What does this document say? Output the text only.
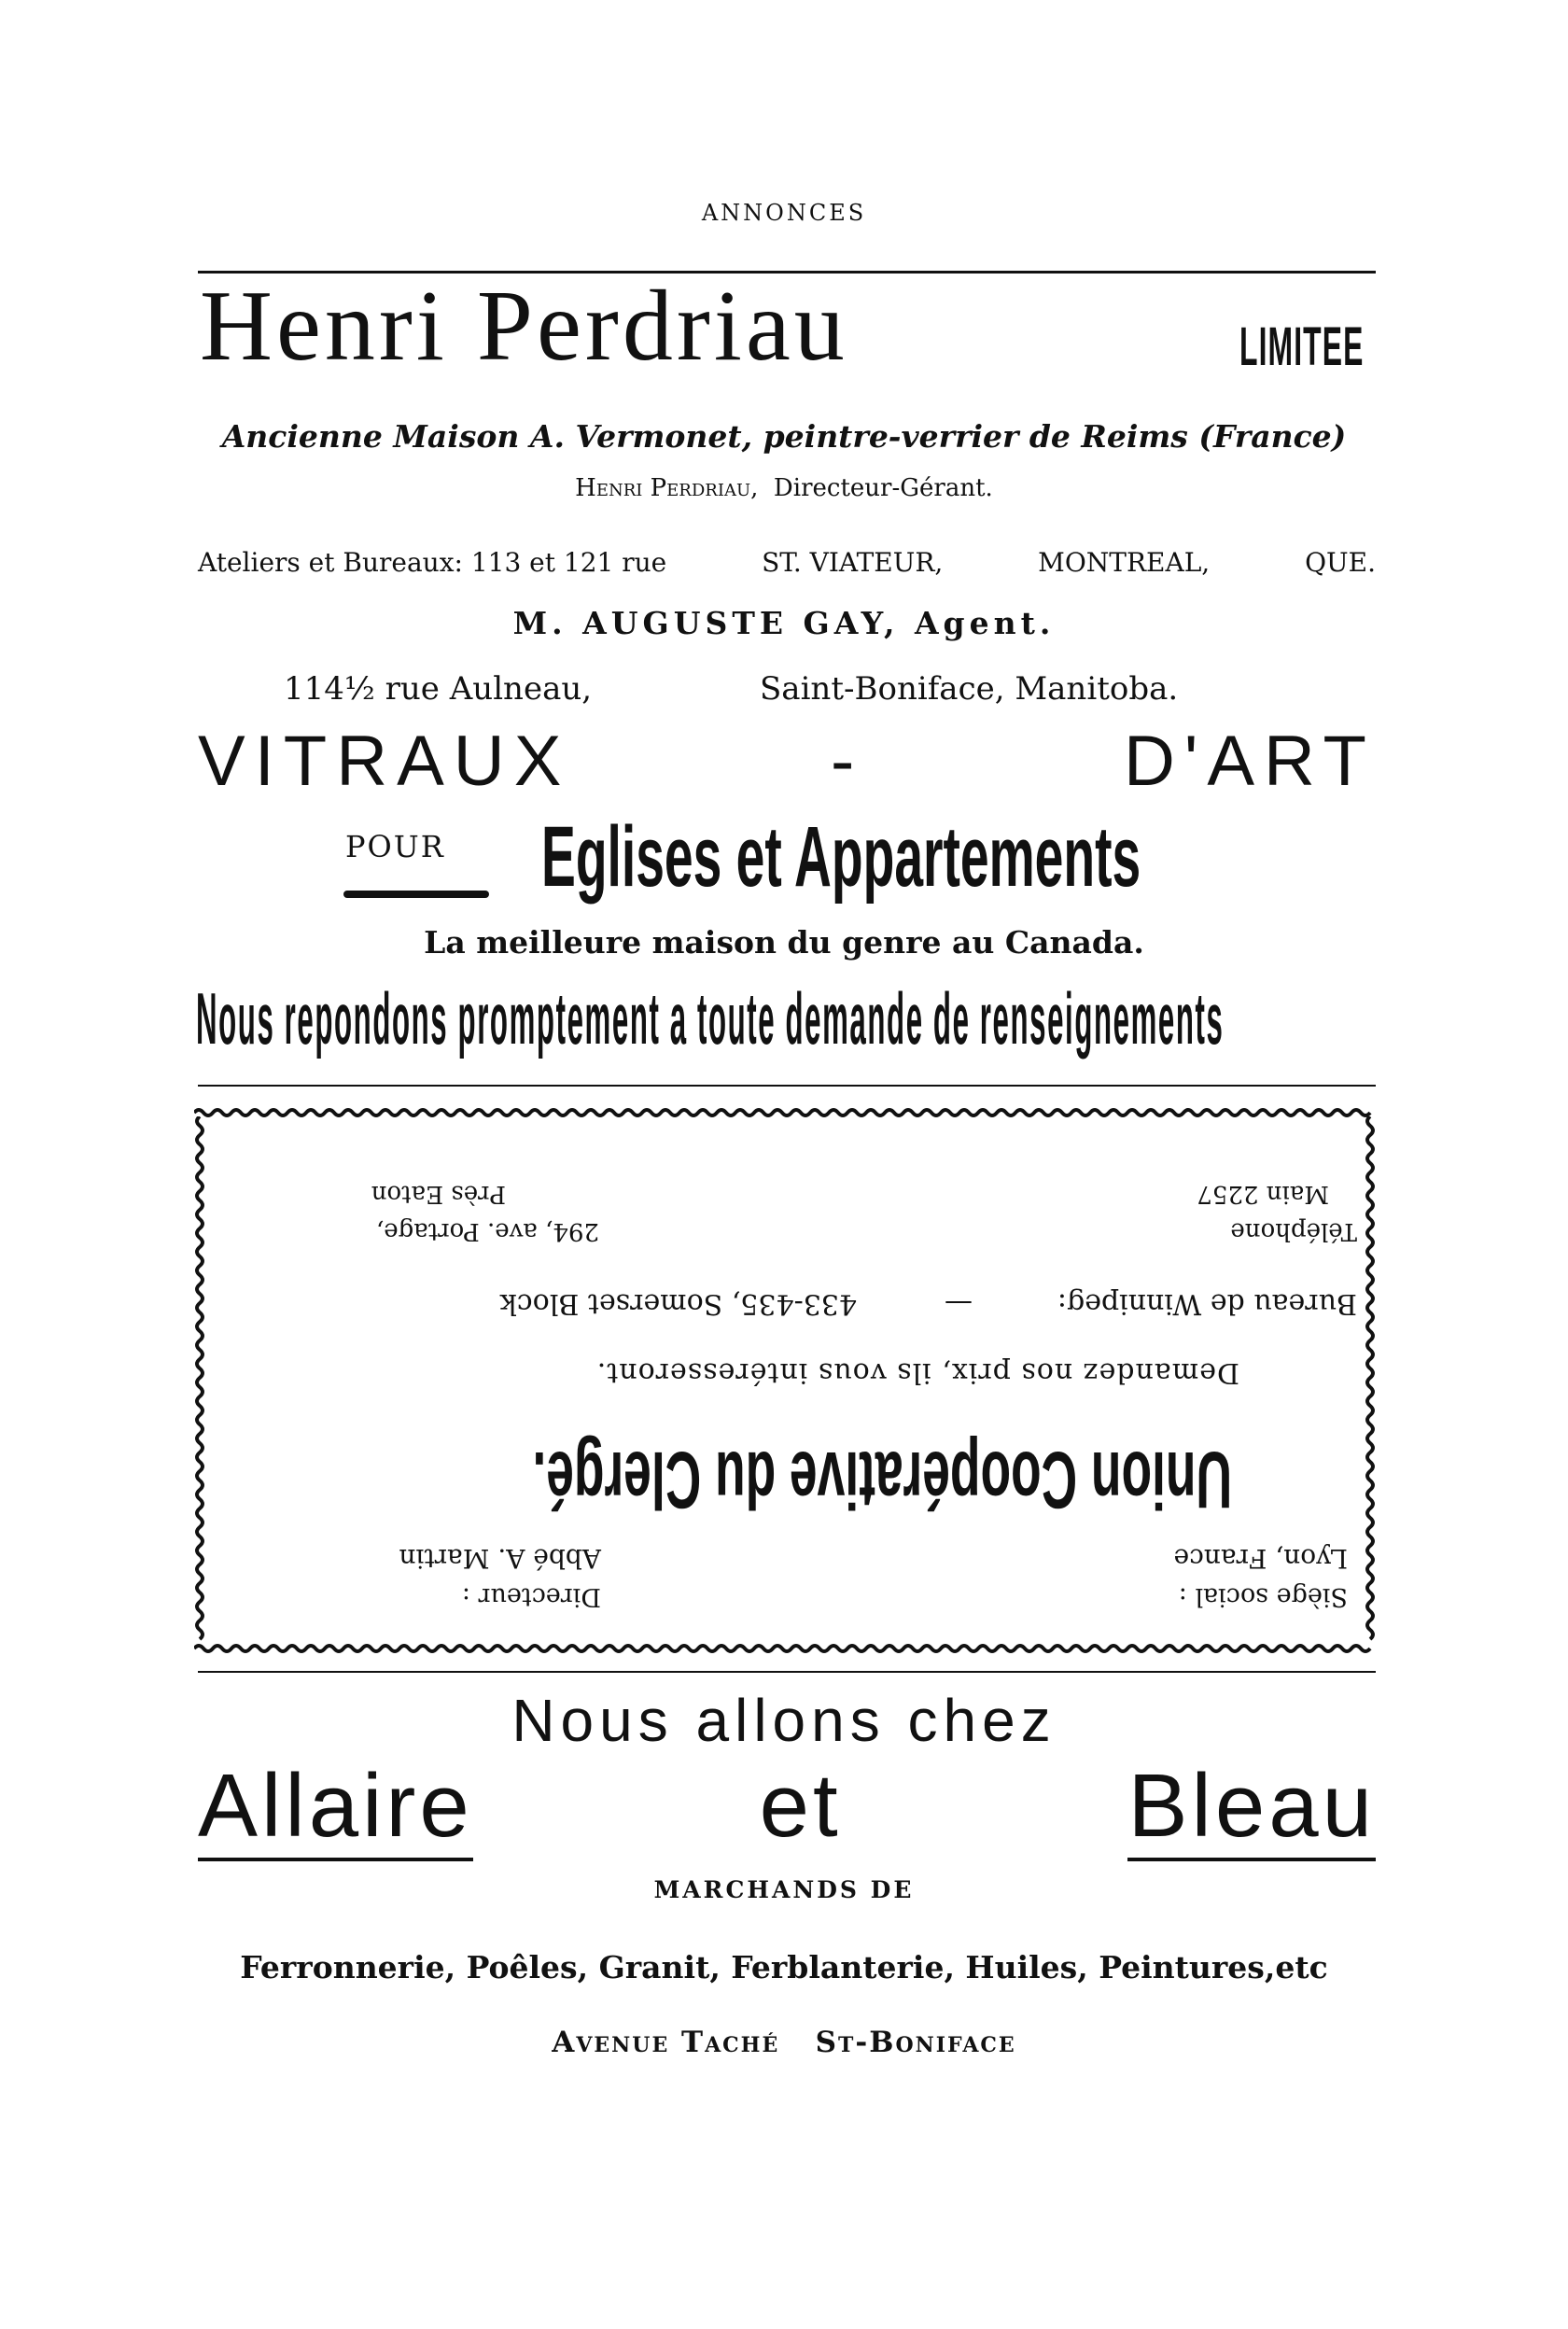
ANNONCES
Henri Perdriau	LIMITEE
Ancienne Maison A. Vermonet, peintre-verrier de Reims (France)
Henri Perdriau, Directeur-Gérant.
Ateliers et Bureaux: 113 et 121 rue	ST. VIATEUR,	MONTREAL,	QUE.
M. AUGUSTE GAY, Agent.
114½ rue Aulneau,	Saint-Boniface, Manitoba.
VITRAUX	-	D'ART
POUR Eglises et Appartements
La meilleure maison du genre au Canada.
Nous repondons promptement a toute demande de renseignements
Siège social :
Lyon, France
Directeur :
Abbé A. Martin
Union Coopérative du Clergé.
Demandez nos prix, ils vous intéresseront.
Bureau de Winnipeg:
—
433-435, Somerset Block
Téléphone
Main 2257
294, ave. Portage,
Près Eaton
Nous allons chez
Allaire	et	Bleau
MARCHANDS DE
Ferronnerie, Poêles, Granit, Ferblanterie, Huiles, Peintures,etc
Avenue Taché St-Boniface
